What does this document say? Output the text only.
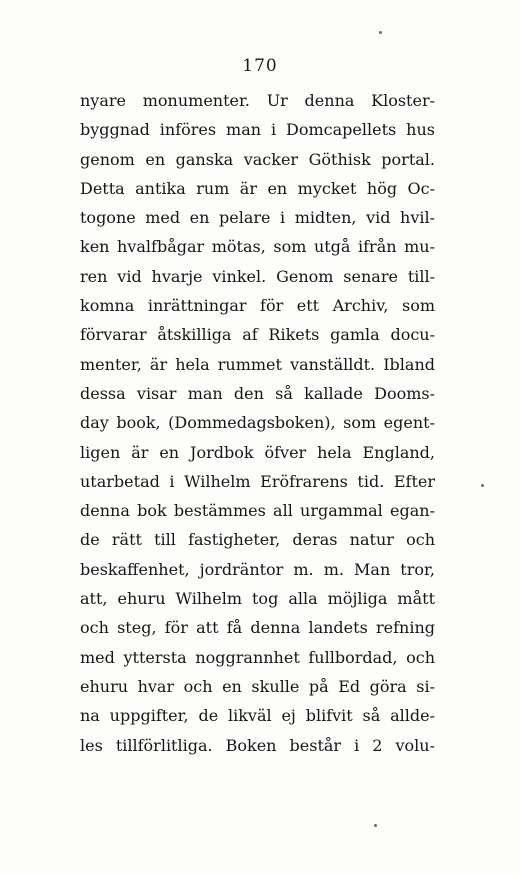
170
nyare monumenter. Ur denna Kloster-
byggnad införes man i Domcapellets hus
genom en ganska vacker Göthisk portal.
Detta antika rum är en mycket hög Oc-
togone med en pelare i midten, vid hvil-
ken hvalfbågar mötas, som utgå ifrån mu-
ren vid hvarje vinkel. Genom senare till-
komna inrättningar för ett Archiv, som
förvarar åtskilliga af Rikets gamla docu-
menter, är hela rummet vanställdt. Ibland
dessa visar man den så kallade Dooms-
day book, (Dommedagsboken), som egent-
ligen är en Jordbok öfver hela England,
utarbetad i Wilhelm Eröfrarens tid. Efter
denna bok bestämmes all urgammal egan-
de rätt till fastigheter, deras natur och
beskaffenhet, jordräntor m. m. Man tror,
att, ehuru Wilhelm tog alla möjliga mått
och steg, för att få denna landets refning
med yttersta noggrannhet fullbordad, och
ehuru hvar och en skulle på Ed göra si-
na uppgifter, de likväl ej blifvit så allde-
les tillförlitliga. Boken består i 2 volu-
